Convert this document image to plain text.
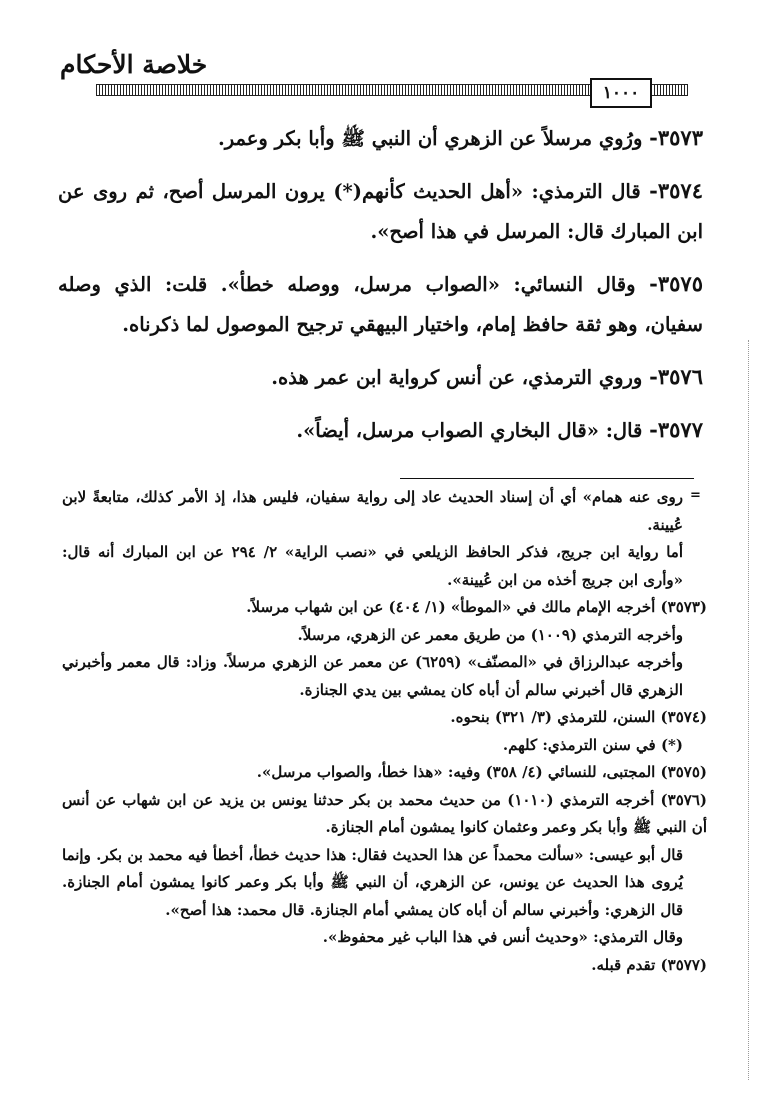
خلاصة الأحكام
١٠٠٠

٣٥٧٣- ورُوي مرسلاً عن الزهري أن النبي ﷺ وأبا بكر وعمر.

٣٥٧٤- قال الترمذي: «أهل الحديث كأنهم(*) يرون المرسل أصح، ثم روى عن ابن المبارك قال: المرسل في هذا أصح».

٣٥٧٥- وقال النسائي: «الصواب مرسل، ووصله خطأ». قلت: الذي وصله سفيان، وهو ثقة حافظ إمام، واختيار البيهقي ترجيح الموصول لما ذكرناه.

٣٥٧٦- وروي الترمذي، عن أنس كرواية ابن عمر هذه.

٣٥٧٧- قال: «قال البخاري الصواب مرسل، أيضاً».

=

روى عنه همام» أي أن إسناد الحديث عاد إلى رواية سفيان، فليس هذا، إذ الأمر كذلك، متابعةً لابن عُيينة.

أما رواية ابن جريج، فذكر الحافظ الزيلعي في «نصب الراية» ٢/ ٢٩٤ عن ابن المبارك أنه قال: «وأرى ابن جريج أخذه من ابن عُيينة».

(٣٥٧٣) أخرجه الإمام مالك في «الموطأ» (١/ ٤٠٤) عن ابن شهاب مرسلاً.

وأخرجه الترمذي (١٠٠٩) من طريق معمر عن الزهري، مرسلاً.

وأخرجه عبدالرزاق في «المصنّف» (٦٢٥٩) عن معمر عن الزهري مرسلاً. وزاد: قال معمر وأخبرني الزهري قال أخبرني سالم أن أباه كان يمشي بين يدي الجنازة.

(٣٥٧٤) السنن، للترمذي (٣/ ٣٢١) بنحوه.

(*) في سنن الترمذي: كلهم.

(٣٥٧٥) المجتبى، للنسائي (٤/ ٣٥٨) وفيه: «هذا خطأ، والصواب مرسل».

(٣٥٧٦) أخرجه الترمذي (١٠١٠) من حديث محمد بن بكر حدثنا يونس بن يزيد عن ابن شهاب عن أنس أن النبي ﷺ وأبا بكر وعمر وعثمان كانوا يمشون أمام الجنازة.

قال أبو عيسى: «سألت محمداً عن هذا الحديث فقال: هذا حديث خطأ، أخطأ فيه محمد بن بكر. وإنما يُروى هذا الحديث عن يونس، عن الزهري، أن النبي ﷺ وأبا بكر وعمر كانوا يمشون أمام الجنازة. قال الزهري: وأخبرني سالم أن أباه كان يمشي أمام الجنازة. قال محمد: هذا أصح».

وقال الترمذي: «وحديث أنس في هذا الباب غير محفوظ».

(٣٥٧٧) تقدم قبله.
